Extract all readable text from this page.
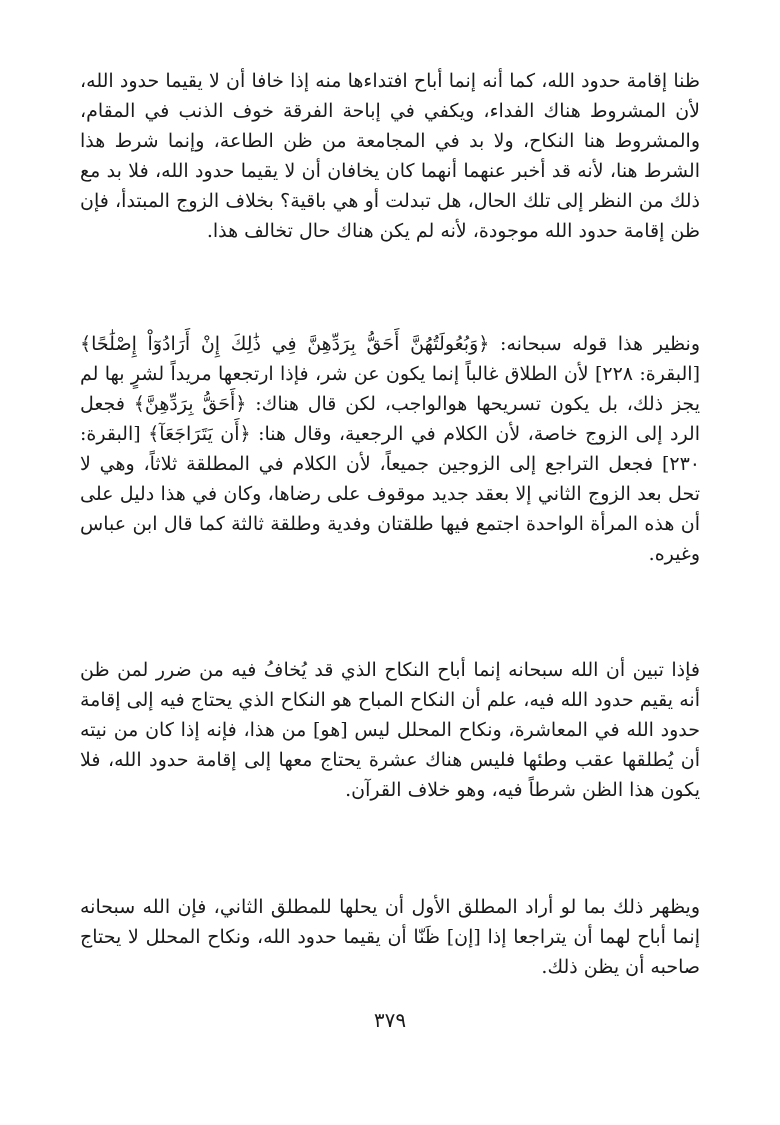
ظنا إقامة حدود الله، كما أنه إنما أباح افتداءها منه إذا خافا أن لا يقيما حدود الله، لأن المشروط هناك الفداء، ويكفي في إباحة الفرقة خوف الذنب في المقام، والمشروط هنا النكاح، ولا بد في المجامعة من ظن الطاعة، وإنما شرط هذا الشرط هنا، لأنه قد أخبر عنهما أنهما كان يخافان أن لا يقيما حدود الله، فلا بد مع ذلك من النظر إلى تلك الحال، هل تبدلت أو هي باقية؟ بخلاف الزوج المبتدأ، فإن ظن إقامة حدود الله موجودة، لأنه لم يكن هناك حال تخالف هذا.

ونظير هذا قوله سبحانه: ﴿وَبُعُولَتُهُنَّ أَحَقُّ بِرَدِّهِنَّ فِي ذَٰلِكَ إِنْ أَرَادُوٓاْ إِصْلَٰحًا﴾ [البقرة: ٢٢٨] لأن الطلاق غالباً إنما يكون عن شر، فإذا ارتجعها مريداً لشرٍ بها لم يجز ذلك، بل يكون تسريحها هوالواجب، لكن قال هناك: ﴿أَحَقُّ بِرَدِّهِنَّ﴾ فجعل الرد إلى الزوج خاصة، لأن الكلام في الرجعية، وقال هنا: ﴿أَن يَتَرَاجَعَآ﴾ [البقرة: ٢٣٠] فجعل التراجع إلى الزوجين جميعاً، لأن الكلام في المطلقة ثلاثاً، وهي لا تحل بعد الزوج الثاني إلا بعقد جديد موقوف على رضاها، وكان في هذا دليل على أن هذه المرأة الواحدة اجتمع فيها طلقتان وفدية وطلقة ثالثة كما قال ابن عباس وغيره.

فإذا تبين أن الله سبحانه إنما أباح النكاح الذي قد يُخافُ فيه من ضرر لمن ظن أنه يقيم حدود الله فيه، علم أن النكاح المباح هو النكاح الذي يحتاج فيه إلى إقامة حدود الله في المعاشرة، ونكاح المحلل ليس [هو] من هذا، فإنه إذا كان من نيته أن يُطلقها عقب وطئها فليس هناك عشرة يحتاج معها إلى إقامة حدود الله، فلا يكون هذا الظن شرطاً فيه، وهو خلاف القرآن.

ويظهر ذلك بما لو أراد المطلق الأول أن يحلها للمطلق الثاني، فإن الله سبحانه إنما أباح لهما أن يتراجعا إذا [إن] ظَنّا أن يقيما حدود الله، ونكاح المحلل لا يحتاج صاحبه أن يظن ذلك.

٣٧٩
